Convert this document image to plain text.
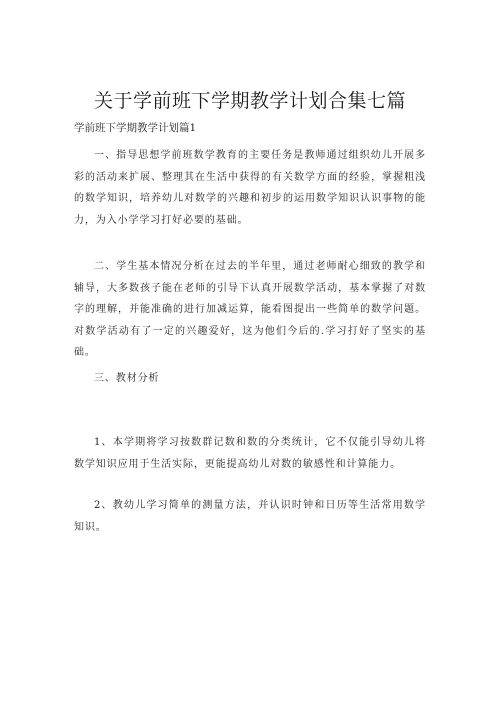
关于学前班下学期教学计划合集七篇
学前班下学期教学计划篇1

一、指导思想学前班数学教育的主要任务是教师通过组织幼儿开展多彩的活动来扩展、整理其在生活中获得的有关数学方面的经验，掌握粗浅的数学知识，培养幼儿对数学的兴趣和初步的运用数学知识认识事物的能力，为入小学学习打好必要的基础。

二、学生基本情况分析在过去的半年里，通过老师耐心细致的教学和辅导，大多数孩子能在老师的引导下认真开展数学活动，基本掌握了对数字的理解，并能准确的进行加减运算，能看图提出一些简单的数学问题。对数学活动有了一定的兴趣爱好，这为他们今后的.学习打好了坚实的基础。

三、教材分析

1、本学期将学习按数群记数和数的分类统计，它不仅能引导幼儿将数学知识应用于生活实际，更能提高幼儿对数的敏感性和计算能力。

2、教幼儿学习简单的测量方法，并认识时钟和日历等生活常用数学知识。
